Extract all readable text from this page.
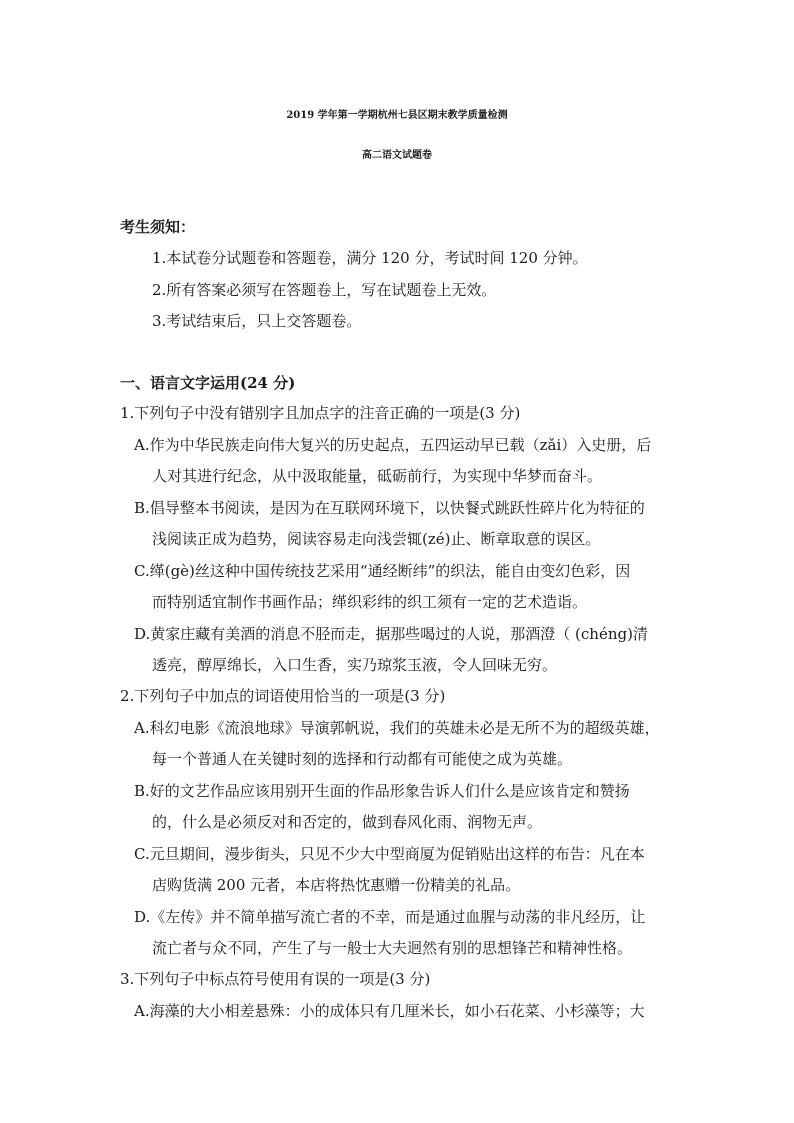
2019 学年第一学期杭州七县区期末教学质量检测
高二语文试题卷

考生须知：

1.本试卷分试题卷和答题卷，满分 120 分，考试时间 120 分钟。

2.所有答案必须写在答题卷上，写在试题卷上无效。

3.考试结束后，只上交答题卷。

一、语言文字运用(24 分)

1.下列句子中没有错别字且加点字的注音正确的一项是(3 分)

A.作为中华民族走向伟大复兴的历史起点，五四运动早已载（zǎi）入史册，后

人对其进行纪念，从中汲取能量，砥砺前行，为实现中华梦而奋斗。

B.倡导整本书阅读，是因为在互联网环境下，以快餐式跳跃性碎片化为特征的

浅阅读正成为趋势，阅读容易走向浅尝辄(zé)止、断章取意的误区。

C.缂(gè)丝这种中国传统技艺采用“通经断纬”的织法，能自由变幻色彩，因

而特别适宜制作书画作品；缂织彩纬的织工须有一定的艺术造诣。

D.黄家庄藏有美酒的消息不胫而走，据那些喝过的人说，那酒澄（ (chéng)清

透亮，醇厚绵长，入口生香，实乃琼浆玉液，令人回味无穷。

2.下列句子中加点的词语使用恰当的一项是(3 分)

A.科幻电影《流浪地球》导演郭帆说，我们的英雄未必是无所不为的超级英雄，

每一个普通人在关键时刻的选择和行动都有可能使之成为英雄。

B.好的文艺作品应该用别开生面的作品形象告诉人们什么是应该肯定和赞扬

的，什么是必须反对和否定的，做到春风化雨、润物无声。

C.元旦期间，漫步街头，只见不少大中型商厦为促销贴出这样的布告：凡在本

店购货满 200 元者，本店将热忱惠赠一份精美的礼品。

D.《左传》并不简单描写流亡者的不幸，而是通过血腥与动荡的非凡经历，让

流亡者与众不同，产生了与一般士大夫迥然有别的思想锋芒和精神性格。

3.下列句子中标点符号使用有误的一项是(3 分)

A.海藻的大小相差悬殊：小的成体只有几厘米长，如小石花菜、小杉藻等；大
